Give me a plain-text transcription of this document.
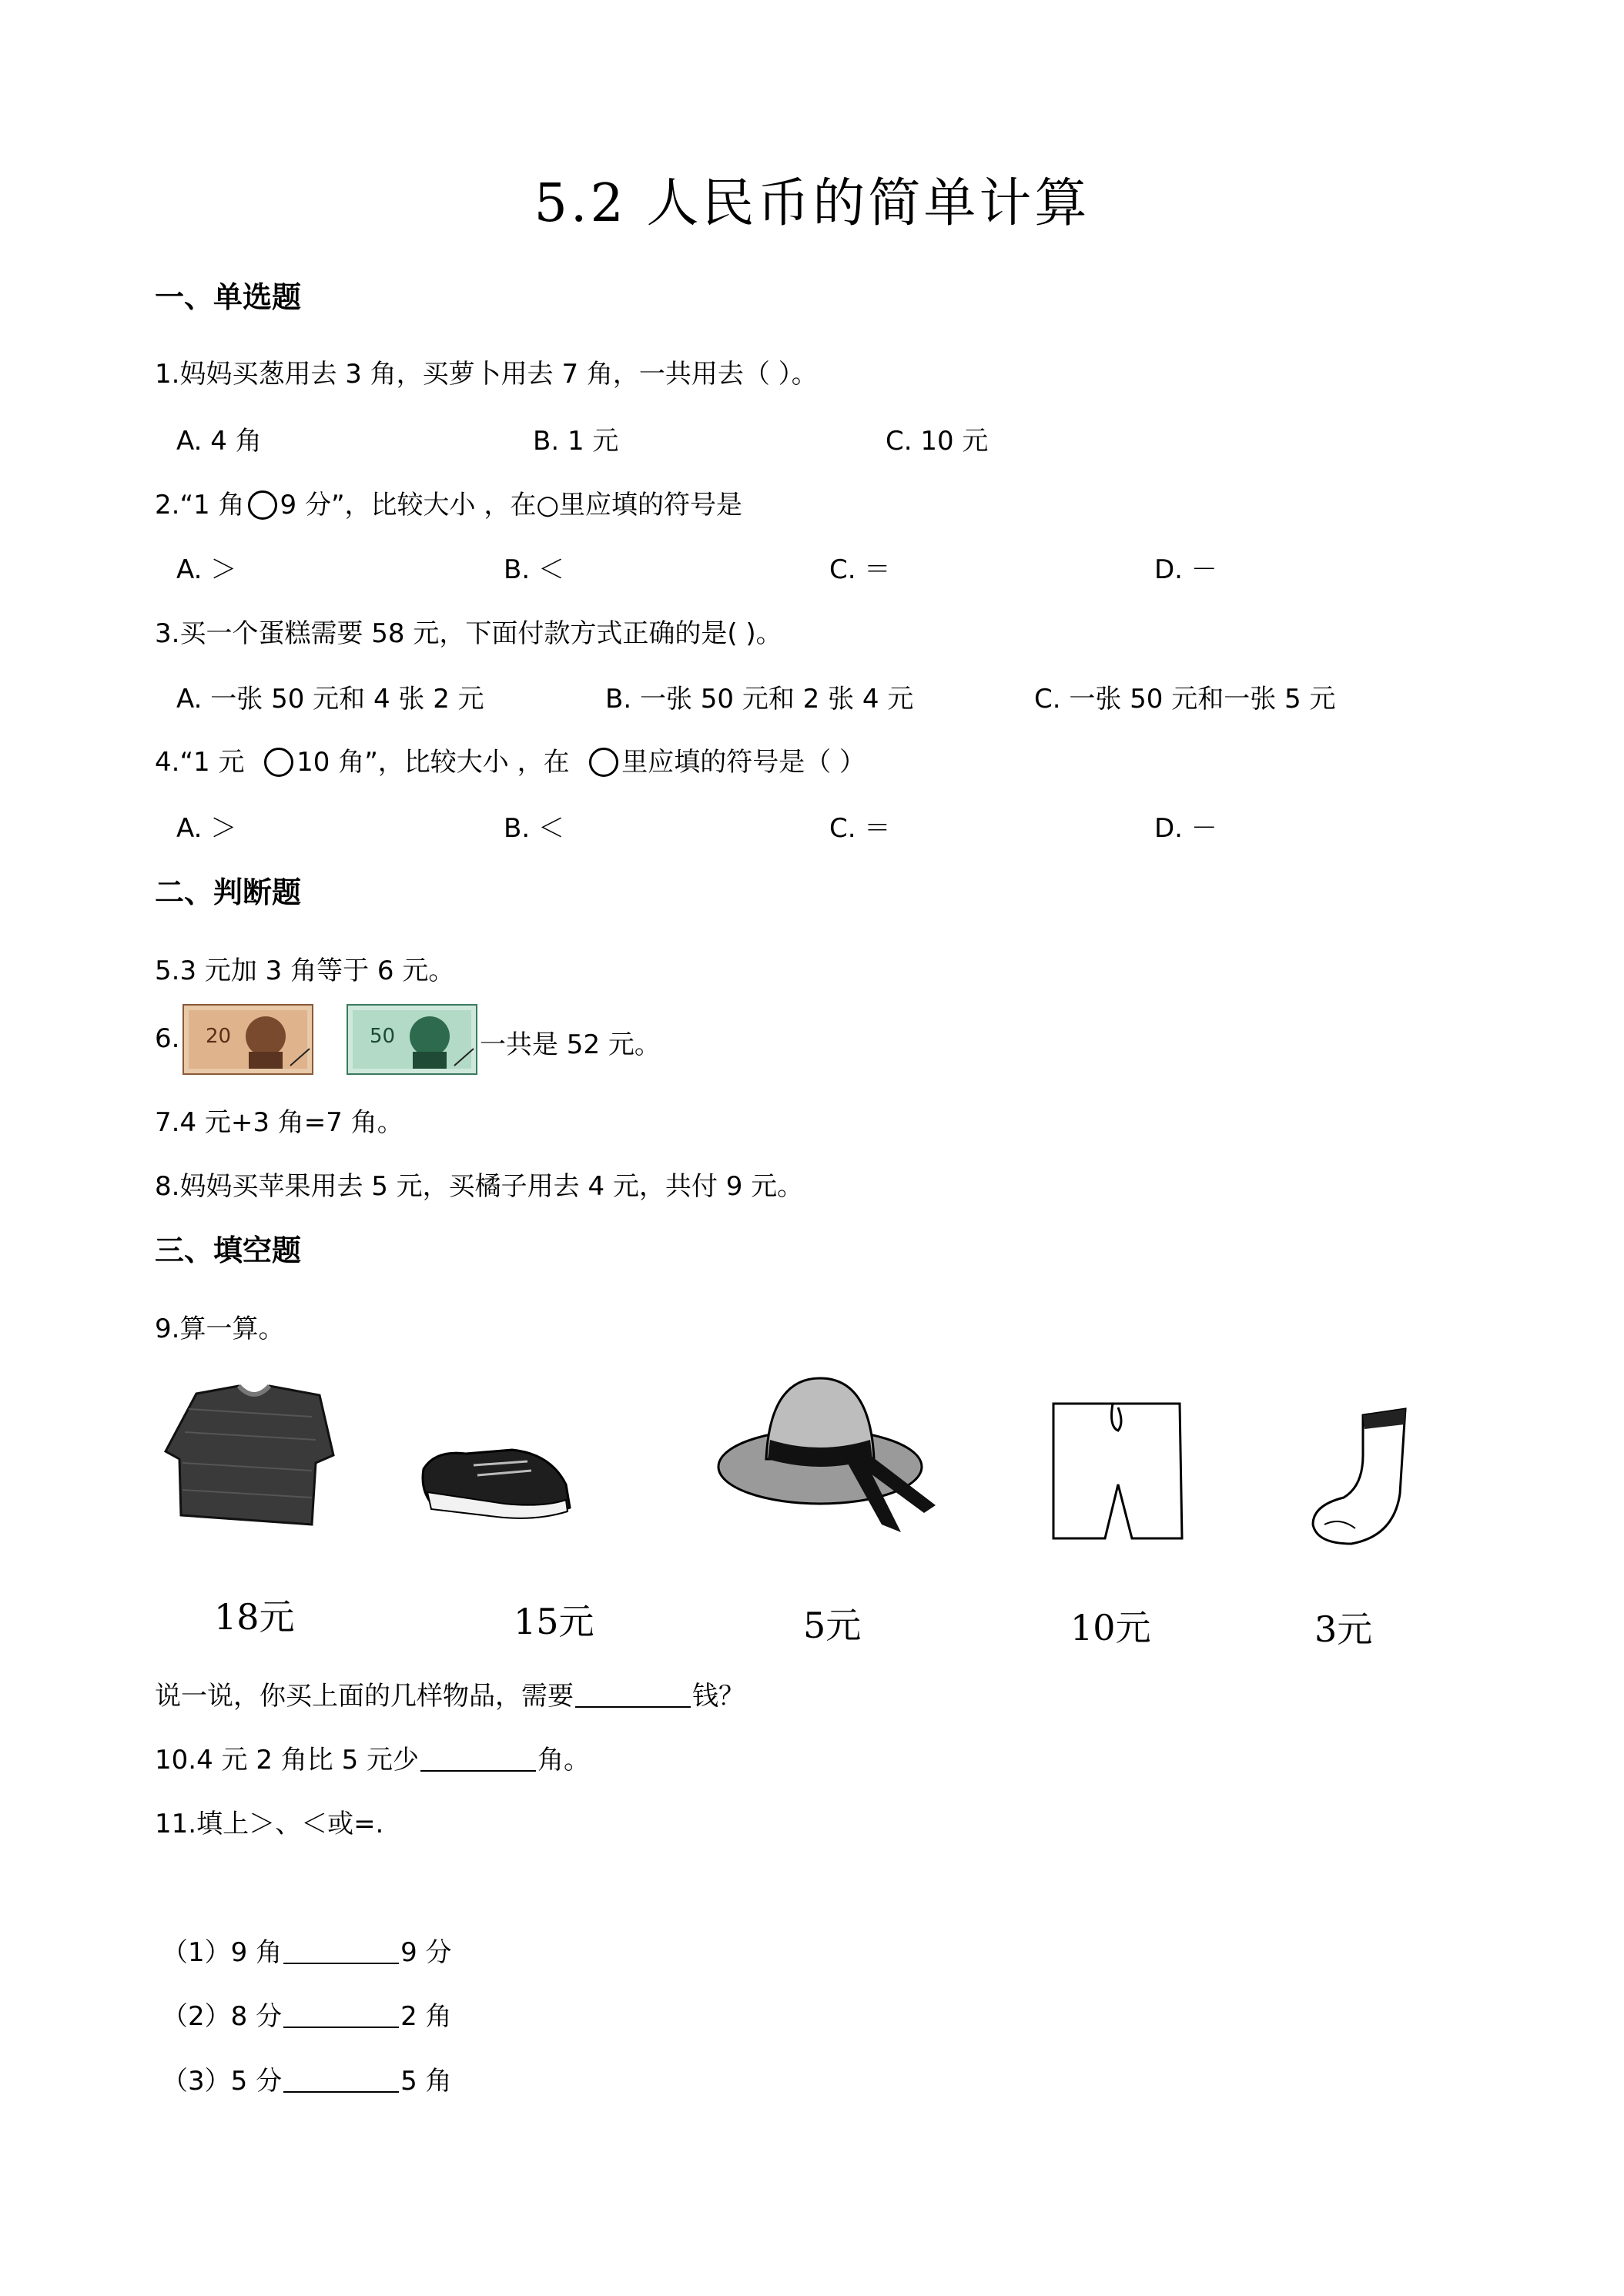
5.2 人民币的简单计算
一、单选题
1.妈妈买葱用去 3 角，买萝卜用去 7 角，一共用去（ ）。
A. 4 角	B. 1 元	C. 10 元
2.“1 角 9 分”，比较大小 ，在○里应填的符号是
A. ＞	B. ＜	C. ＝	D. －
3.买一个蛋糕需要 58 元，下面付款方式正确的是( )。
A. 一张 50 元和 4 张 2 元	B. 一张 50 元和 2 张 4 元	C. 一张 50 元和一张 5 元
4.“1 元 10 角”，比较大小 ，在 里应填的符号是（ ）
A. ＞	B. ＜	C. ＝	D. －
二、判断题
5.3 元加 3 角等于 6 元。
6. 20	50	一共是 52 元。
7.4 元+3 角=7 角。
8.妈妈买苹果用去 5 元，买橘子用去 4 元，共付 9 元。
三、填空题
9.算一算。
18元	15元	5元	10元	3元
说一说，你买上面的几样物品，需要	钱？
10.4 元 2 角比 5 元少	角。
11.填上＞、＜或=.
（1）9 角	9 分
（2）8 分	2 角
（3）5 分	5 角
